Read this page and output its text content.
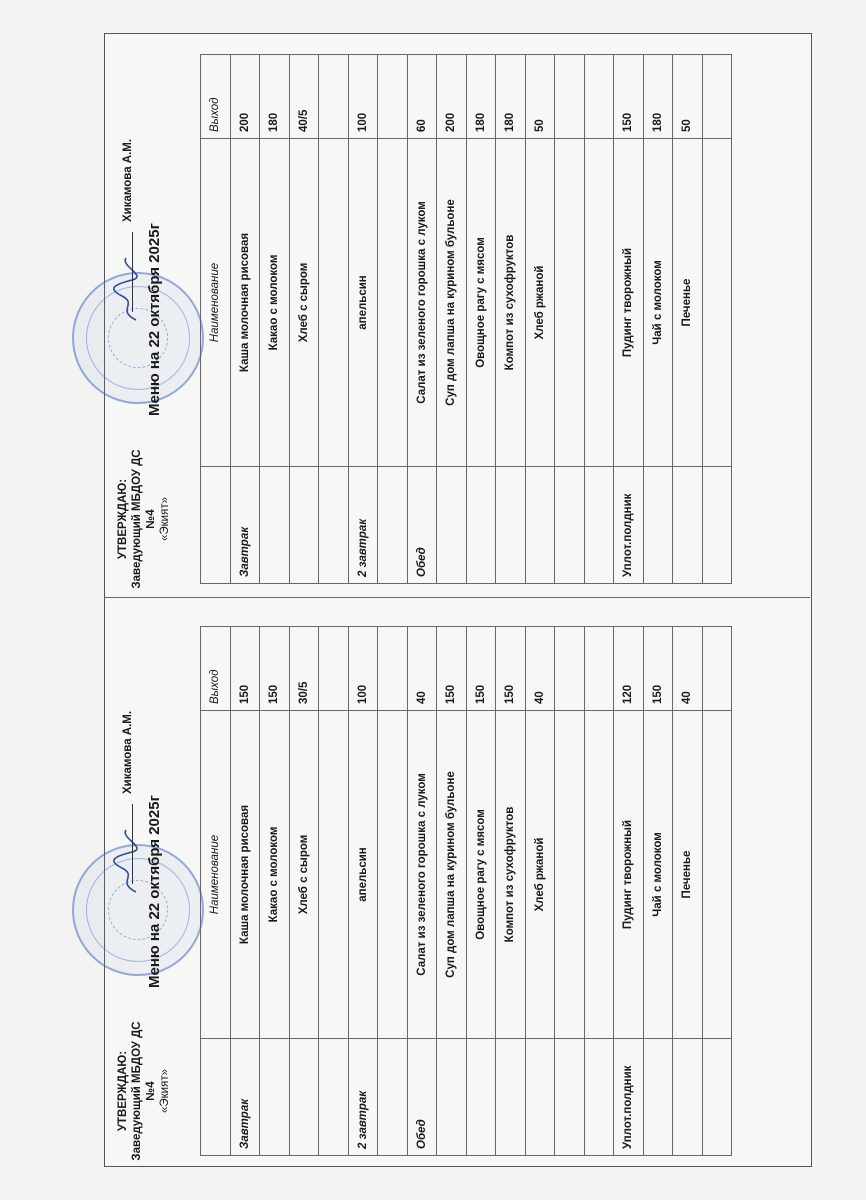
УТВЕРЖДАЮ: Заведующий МБДОУ ДС №4 «Экият»
Хикамова А.М.
Меню на 22 октября 2025г
		Наименование	Выход
Завтрак	Каша молочная рисовая	150
	Какао с молоком	150
	Хлеб с сыром	30/5

2 завтрак	апельсин	100

Обед	Салат из зеленого горошка с луком	40
	Суп дом лапша на курином бульоне	150
	Овощное рагу с мясом	150
	Компот из сухофруктов	150
	Хлеб ржаной	40

Уплот.полдник	Пудинг творожный	120
	Чай с молоком	150
	Печенье	40

УТВЕРЖДАЮ: Заведующий МБДОУ ДС №4 «Экият»
Хикамова А.М.
Меню на 22 октября 2025г
		Наименование	Выход
Завтрак	Каша молочная рисовая	200
	Какао с молоком	180
	Хлеб с сыром	40/5

2 завтрак	апельсин	100

Обед	Салат из зеленого горошка с луком	60
	Суп дом лапша на курином бульоне	200
	Овощное рагу с мясом	180
	Компот из сухофруктов	180
	Хлеб ржаной	50

Уплот.полдник	Пудинг творожный	150
	Чай с молоком	180
	Печенье	50
